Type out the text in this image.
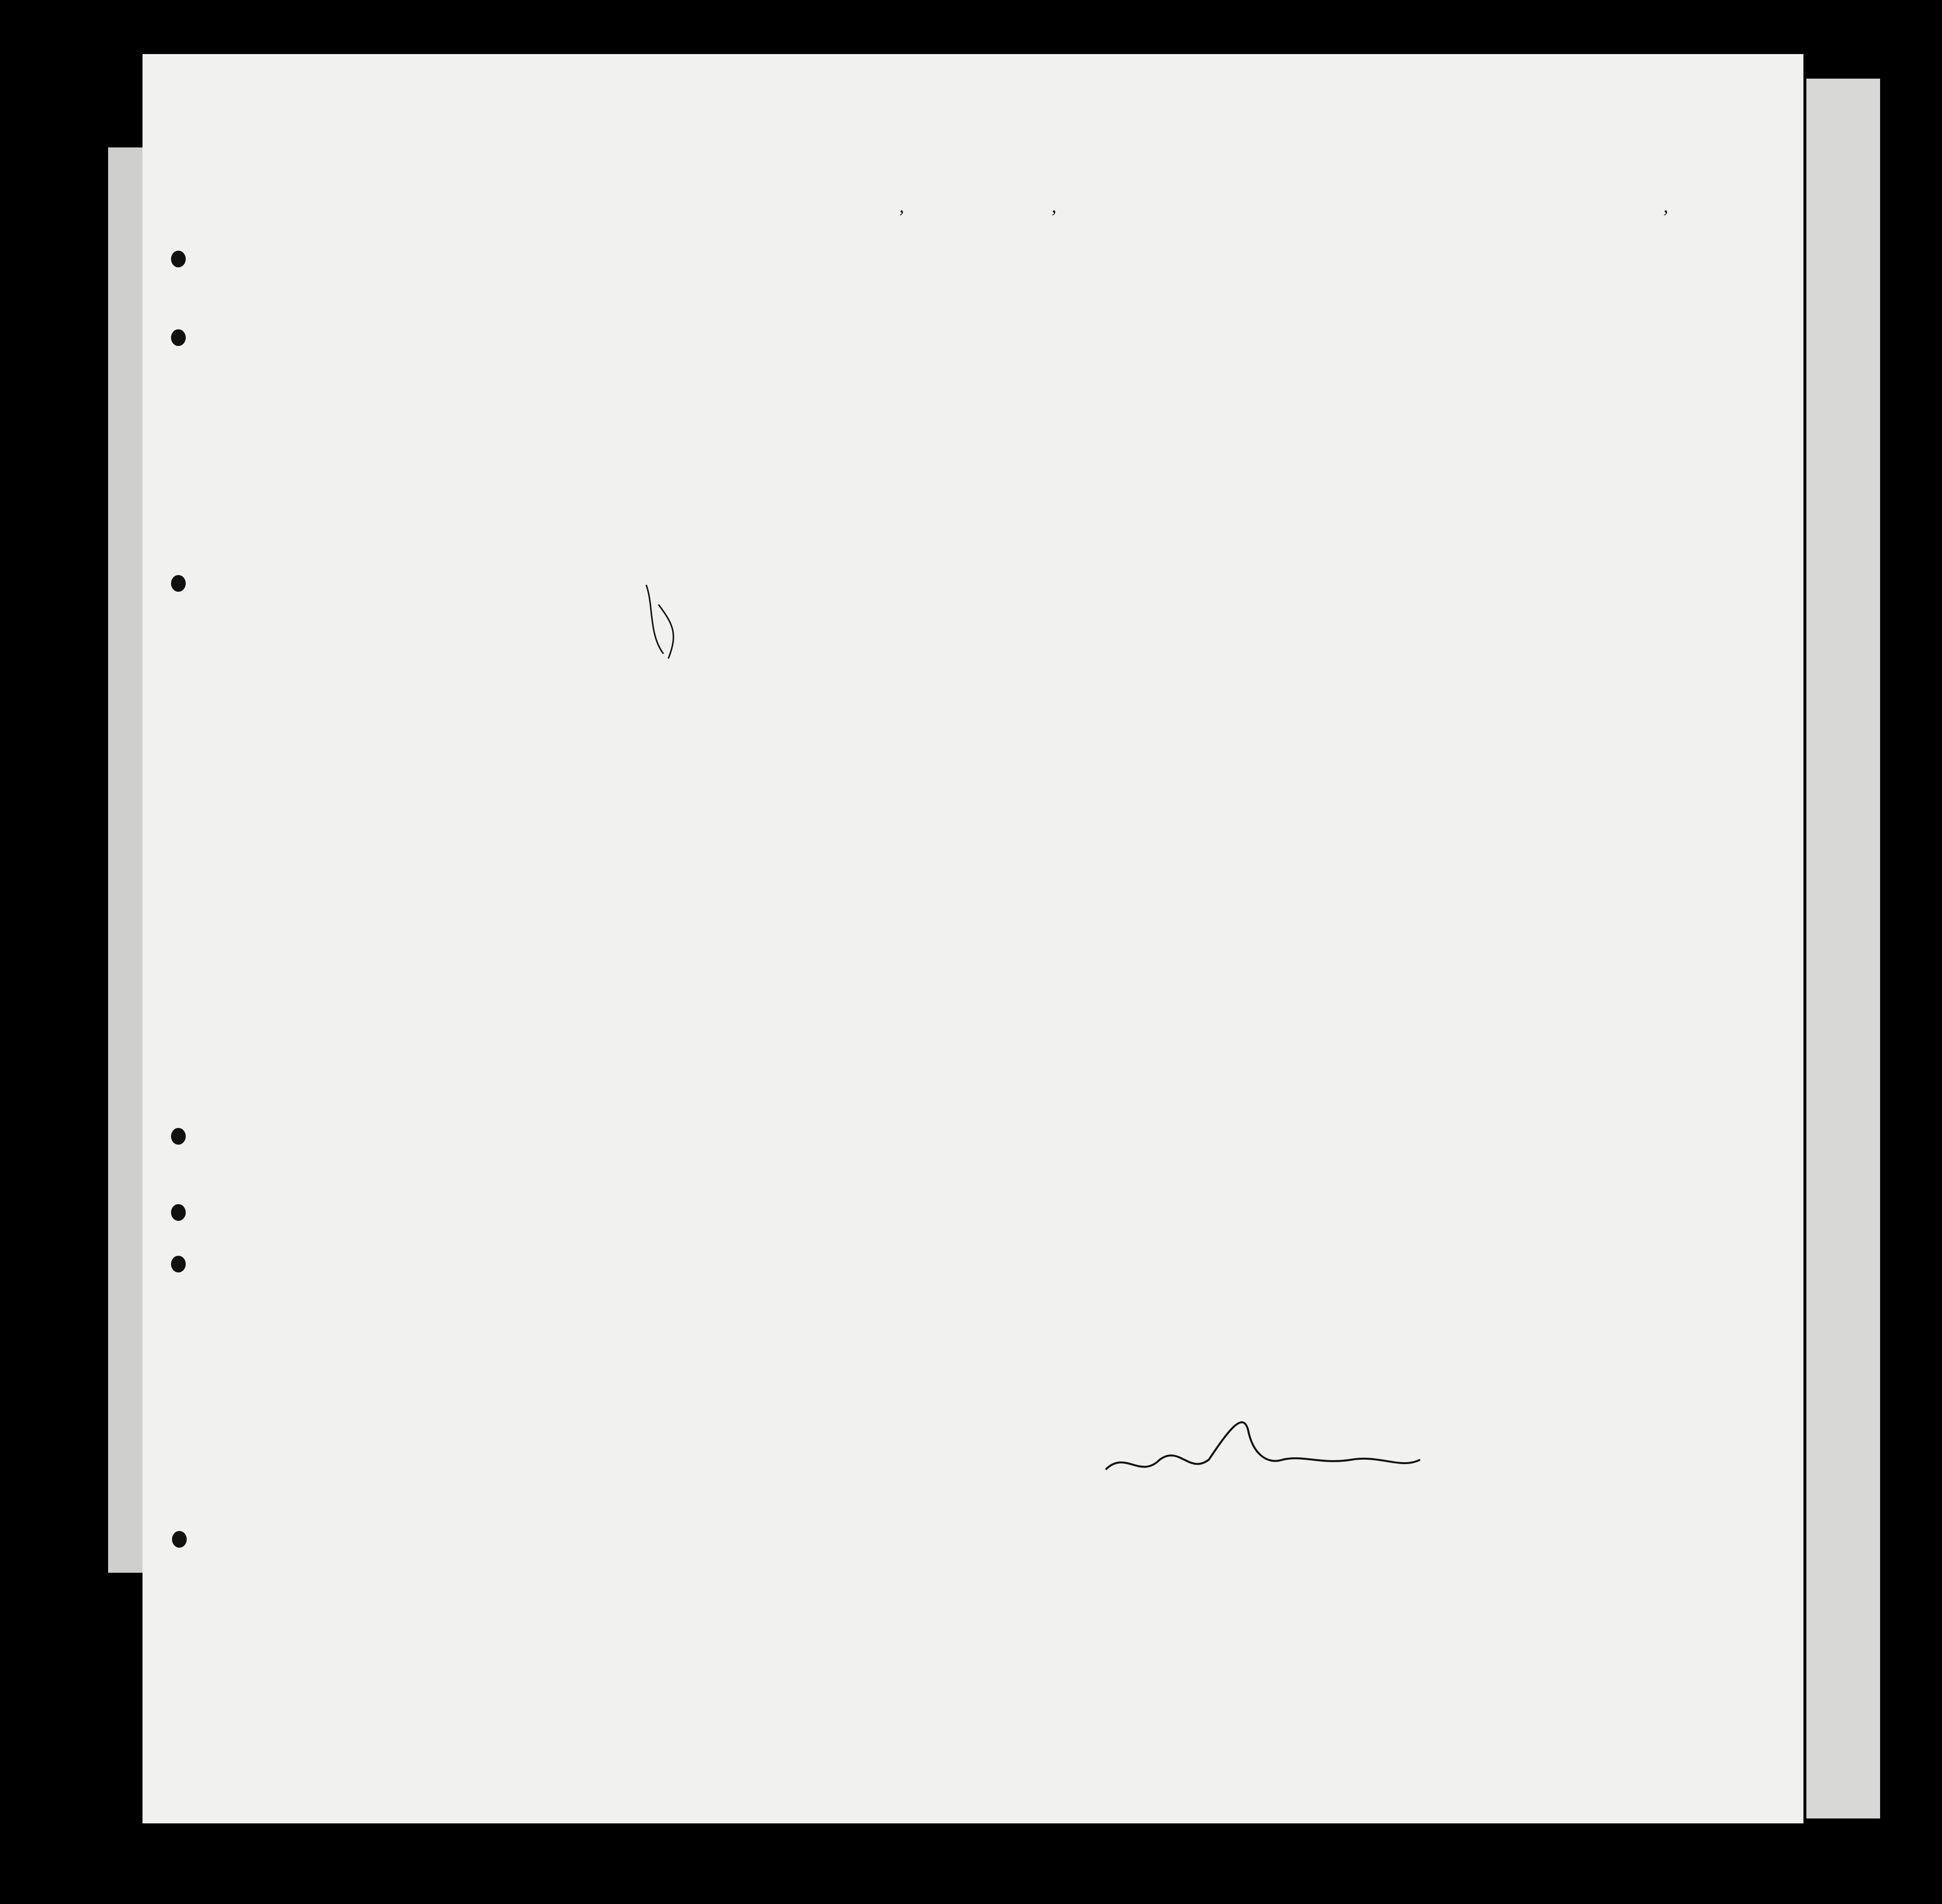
,	,	,
